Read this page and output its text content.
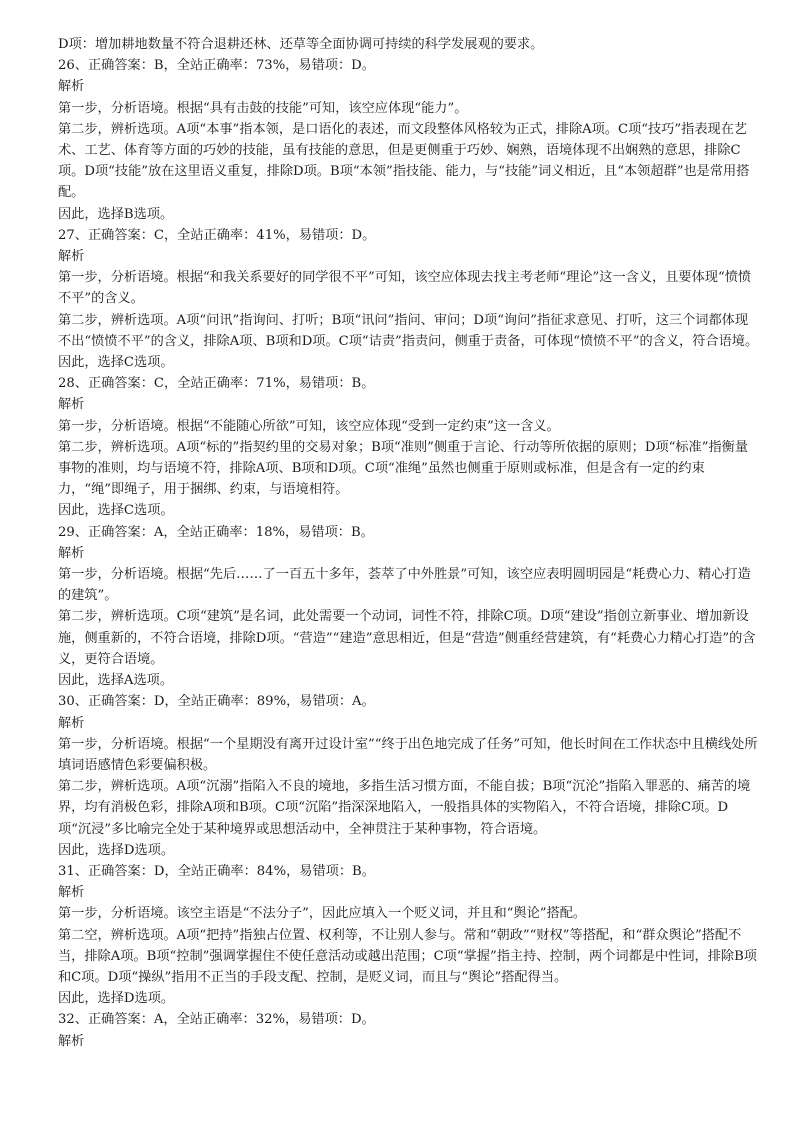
D项：增加耕地数量不符合退耕还林、还草等全面协调可持续的科学发展观的要求。

26、正确答案：B，全站正确率：73%，易错项：D。

解析

第一步，分析语境。根据“具有击鼓的技能”可知，该空应体现“能力”。

第二步，辨析选项。A项“本事”指本领，是口语化的表述，而文段整体风格较为正式，排除A项。C项“技巧”指表现在艺术、工艺、体育等方面的巧妙的技能，虽有技能的意思，但是更侧重于巧妙、娴熟，语境体现不出娴熟的意思，排除C项。D项“技能”放在这里语义重复，排除D项。B项“本领”指技能、能力，与“技能”词义相近，且“本领超群”也是常用搭配。

因此，选择B选项。

27、正确答案：C，全站正确率：41%，易错项：D。

解析

第一步，分析语境。根据“和我关系要好的同学很不平”可知，该空应体现去找主考老师“理论”这一含义，且要体现“愤愤不平”的含义。

第二步，辨析选项。A项“问讯”指询问、打听；B项“讯问”指问、审问；D项“询问”指征求意见、打听，这三个词都体现不出“愤愤不平”的含义，排除A项、B项和D项。C项“诘责”指责问，侧重于责备，可体现“愤愤不平”的含义，符合语境。

因此，选择C选项。

28、正确答案：C，全站正确率：71%，易错项：B。

解析

第一步，分析语境。根据“不能随心所欲”可知，该空应体现“受到一定约束”这一含义。

第二步，辨析选项。A项“标的”指契约里的交易对象；B项“准则”侧重于言论、行动等所依据的原则；D项“标准”指衡量事物的准则，均与语境不符，排除A项、B项和D项。C项“准绳”虽然也侧重于原则或标准，但是含有一定的约束力，“绳”即绳子，用于捆绑、约束，与语境相符。

因此，选择C选项。

29、正确答案：A，全站正确率：18%，易错项：B。

解析

第一步，分析语境。根据“先后……了一百五十多年，荟萃了中外胜景”可知，该空应表明圆明园是“耗费心力、精心打造的建筑”。

第二步，辨析选项。C项“建筑”是名词，此处需要一个动词，词性不符，排除C项。D项“建设”指创立新事业、增加新设施，侧重新的，不符合语境，排除D项。“营造”“建造”意思相近，但是“营造”侧重经营建筑，有“耗费心力精心打造”的含义，更符合语境。

因此，选择A选项。

30、正确答案：D，全站正确率：89%，易错项：A。

解析

第一步，分析语境。根据“一个星期没有离开过设计室”“终于出色地完成了任务”可知，他长时间在工作状态中且横线处所填词语感情色彩要偏积极。

第二步，辨析选项。A项“沉溺”指陷入不良的境地，多指生活习惯方面，不能自拔；B项“沉沦”指陷入罪恶的、痛苦的境界，均有消极色彩，排除A项和B项。C项“沉陷”指深深地陷入，一般指具体的实物陷入，不符合语境，排除C项。D项“沉浸”多比喻完全处于某种境界或思想活动中，全神贯注于某种事物，符合语境。

因此，选择D选项。

31、正确答案：D，全站正确率：84%，易错项：B。

解析

第一步，分析语境。该空主语是“不法分子”，因此应填入一个贬义词，并且和“舆论”搭配。

第二空，辨析选项。A项“把持”指独占位置、权利等，不让别人参与。常和“朝政”“财权”等搭配，和“群众舆论”搭配不当，排除A项。B项“控制”强调掌握住不使任意活动或越出范围；C项“掌握”指主持、控制，两个词都是中性词，排除B项和C项。D项“操纵”指用不正当的手段支配、控制，是贬义词，而且与“舆论”搭配得当。

因此，选择D选项。

32、正确答案：A，全站正确率：32%，易错项：D。

解析
